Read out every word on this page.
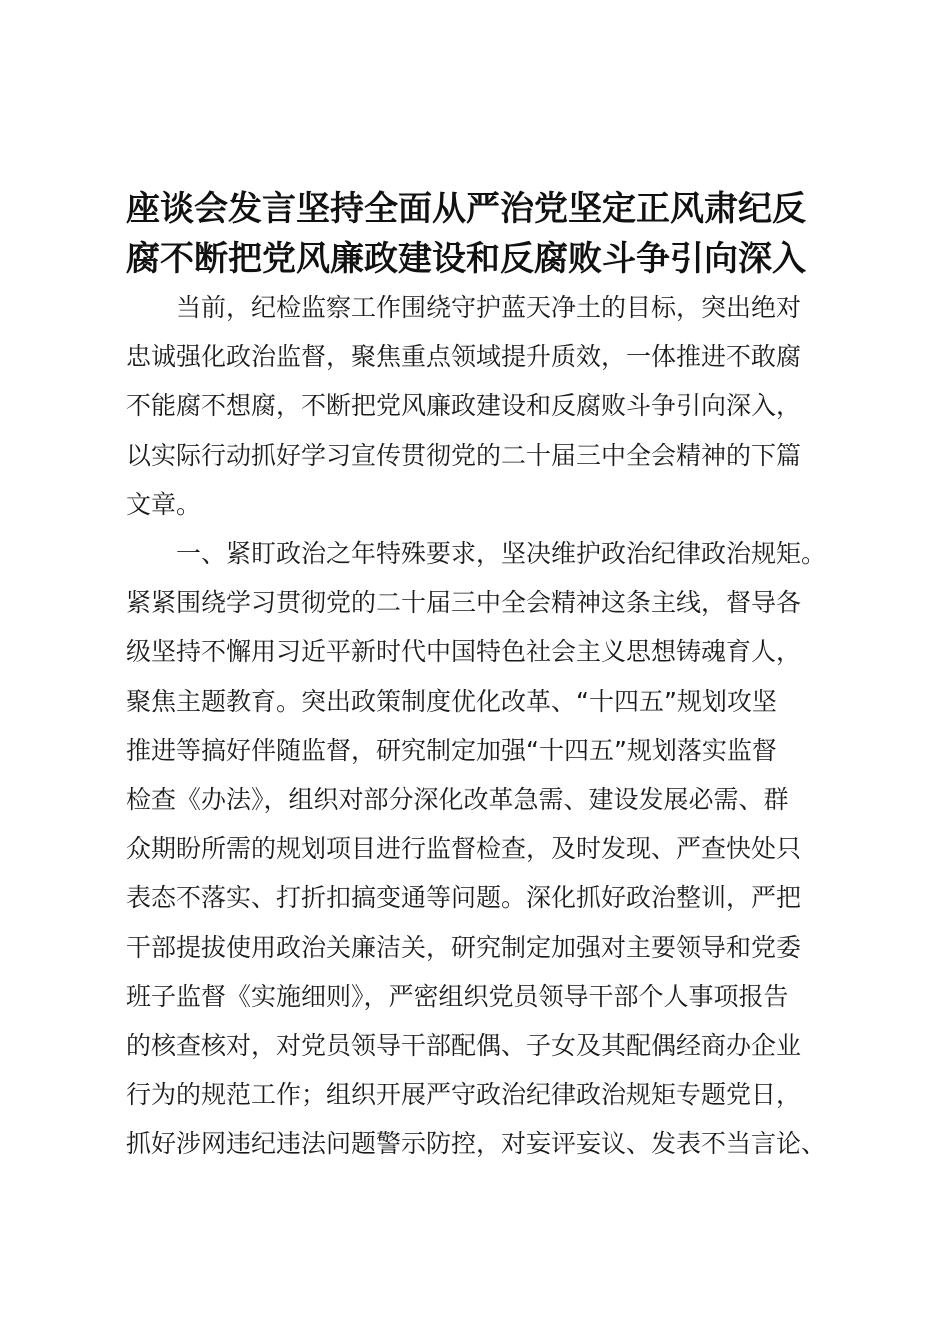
座谈会发言坚持全面从严治党坚定正风肃纪反
腐不断把党风廉政建设和反腐败斗争引向深入

　　当前，纪检监察工作围绕守护蓝天净土的目标，突出绝对
忠诚强化政治监督，聚焦重点领域提升质效，一体推进不敢腐
不能腐不想腐，不断把党风廉政建设和反腐败斗争引向深入，
以实际行动抓好学习宣传贯彻党的二十届三中全会精神的下篇
文章。

　　一、紧盯政治之年特殊要求，坚决维护政治纪律政治规矩。
紧紧围绕学习贯彻党的二十届三中全会精神这条主线，督导各
级坚持不懈用习近平新时代中国特色社会主义思想铸魂育人，
聚焦主题教育。突出政策制度优化改革、“十四五”规划攻坚
推进等搞好伴随监督，研究制定加强“十四五”规划落实监督
检查《办法》，组织对部分深化改革急需、建设发展必需、群
众期盼所需的规划项目进行监督检查，及时发现、严查快处只
表态不落实、打折扣搞变通等问题。深化抓好政治整训，严把
干部提拔使用政治关廉洁关，研究制定加强对主要领导和党委
班子监督《实施细则》，严密组织党员领导干部个人事项报告
的核查核对，对党员领导干部配偶、子女及其配偶经商办企业
行为的规范工作；组织开展严守政治纪律政治规矩专题党日，
抓好涉网违纪违法问题警示防控，对妄评妄议、发表不当言论、
